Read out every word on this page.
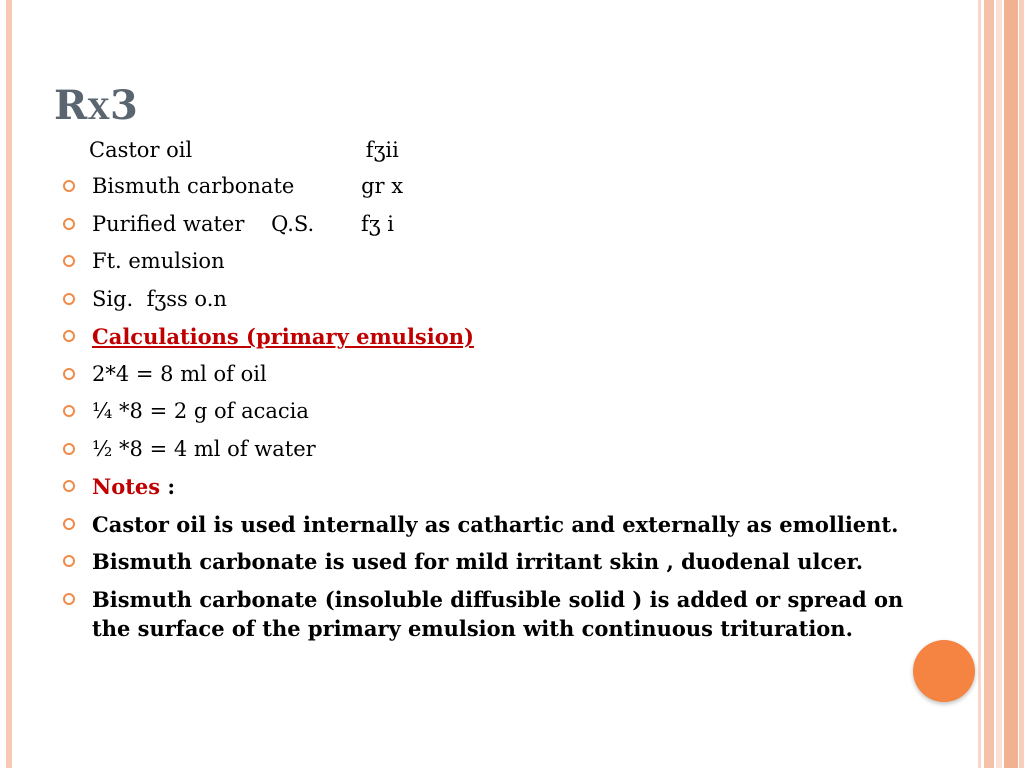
Rx3
Castor oil                          fʒii
Bismuth carbonate          gr x
Purified water    Q.S.       fʒ i
Ft. emulsion
Sig.  fʒss o.n
Calculations (primary emulsion)
2*4 = 8 ml of oil
¼ *8 = 2 g of acacia
½ *8 = 4 ml of water
Notes :
Castor oil is used internally as cathartic and externally as emollient.
Bismuth carbonate is used for mild irritant skin , duodenal ulcer.
Bismuth carbonate (insoluble diffusible solid ) is added or spread on the surface of the primary emulsion with continuous trituration.
